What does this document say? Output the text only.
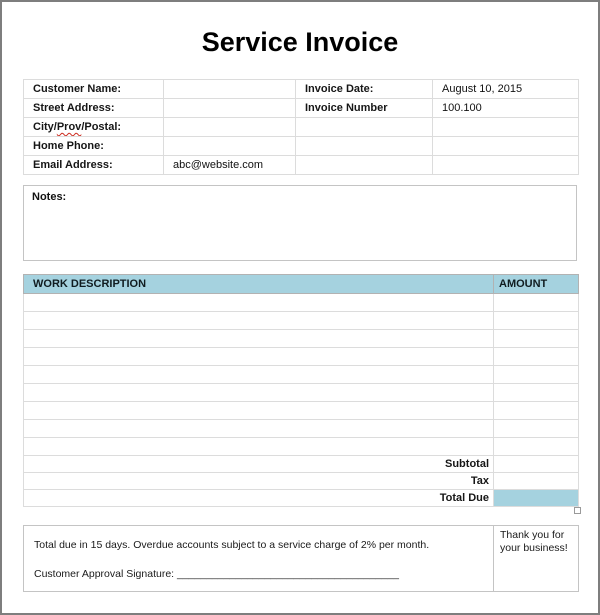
Service Invoice
Customer Name:		Invoice Date:	August 10, 2015
Street Address:		Invoice Number	100.100
City/Prov/Postal:			
Home Phone:			
Email Address:	abc@website.com		
Notes:
WORK DESCRIPTION	AMOUNT

Subtotal	
Tax	
Total Due	
Total due in 15 days. Overdue accounts subject to a service charge of 2% per month.
Customer Approval Signature: ______________________________________
	Thank you for your business!
